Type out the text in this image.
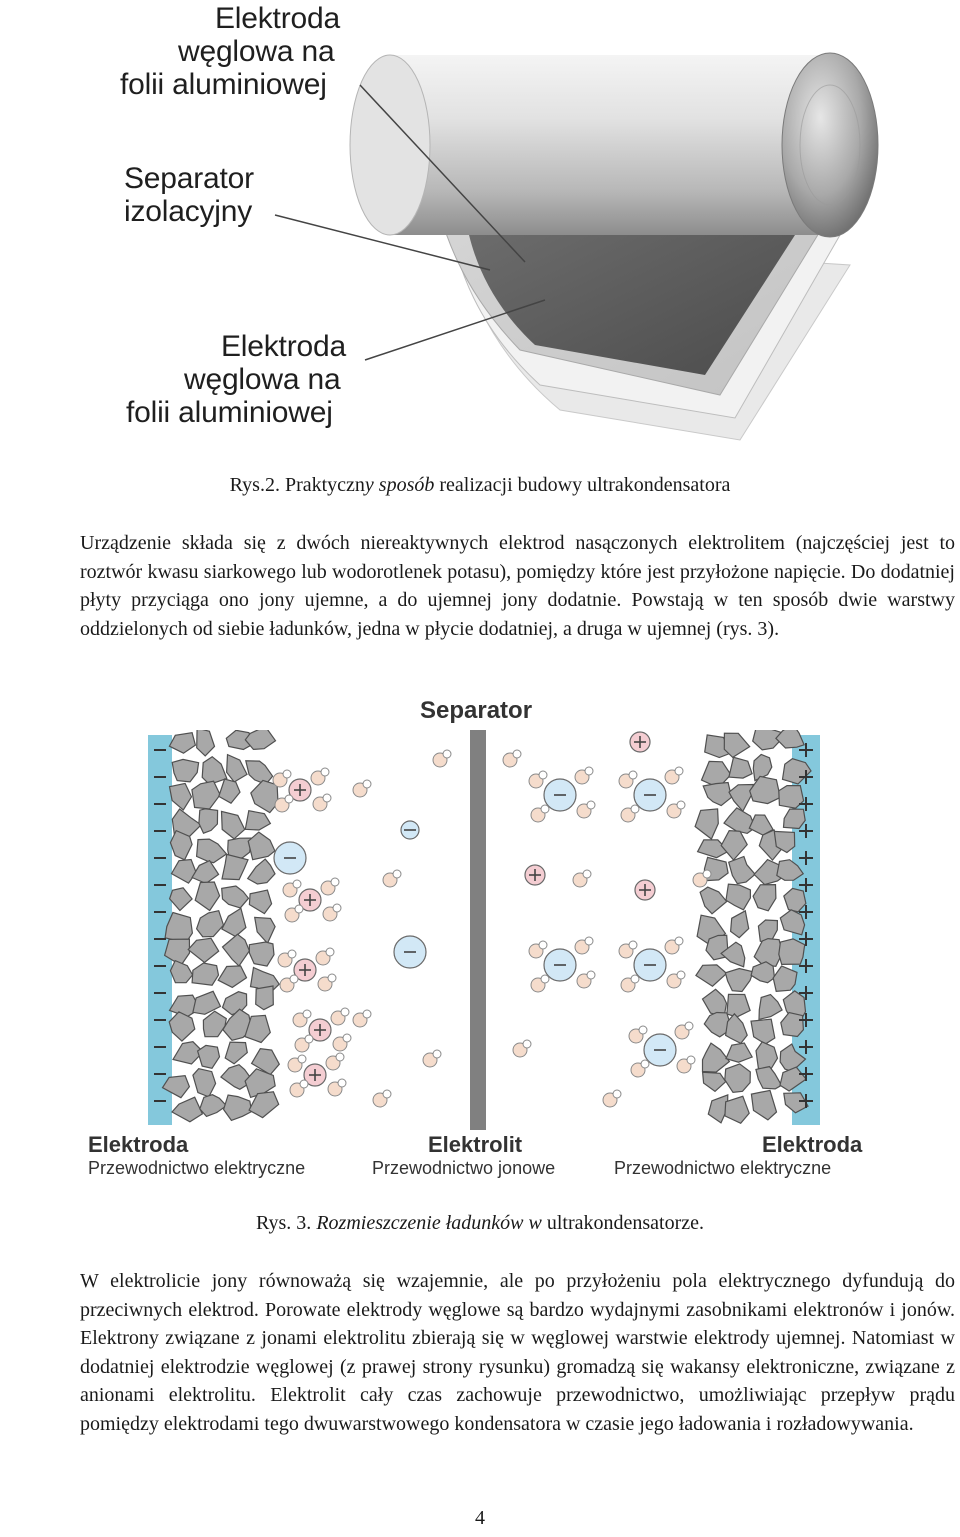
Elektroda
węglowa na
folii aluminiowej
Separator
izolacyjny
Elektroda
węglowa na
folii aluminiowej
Rys.2. Praktyczny sposób realizacji budowy ultrakondensatora
Urządzenie składa się z dwóch niereaktywnych elektrod nasączonych elektrolitem (najczęściej jest to roztwór kwasu siarkowego lub wodorotlenek potasu), pomiędzy które jest przyłożone napięcie. Do dodatniej płyty przyciąga ono jony ujemne, a do ujemnej jony dodatnie. Powstają w ten sposób dwie warstwy oddzielonych od siebie ładunków, jedna w płycie dodatniej, a druga w ujemnej (rys. 3).
Separator
Elektroda
Przewodnictwo elektryczne
Elektrolit
Przewodnictwo jonowe
Elektroda
Przewodnictwo elektryczne
Rys. 3. Rozmieszczenie ładunków w ultrakondensatorze.
W elektrolicie jony równoważą się wzajemnie, ale po przyłożeniu pola elektrycznego dyfundują do przeciwnych elektrod. Porowate elektrody węglowe są bardzo wydajnymi zasobnikami elektronów i jonów. Elektrony związane z jonami elektrolitu zbierają się w węglowej warstwie elektrody ujemnej. Natomiast w dodatniej elektrodzie węglowej (z prawej strony rysunku) gromadzą się wakansy elektroniczne, związane z anionami elektrolitu. Elektrolit cały czas zachowuje przewodnictwo, umożliwiając przepływ prądu pomiędzy elektrodami tego dwuwarstwowego kondensatora w czasie jego ładowania i rozładowywania.
4
